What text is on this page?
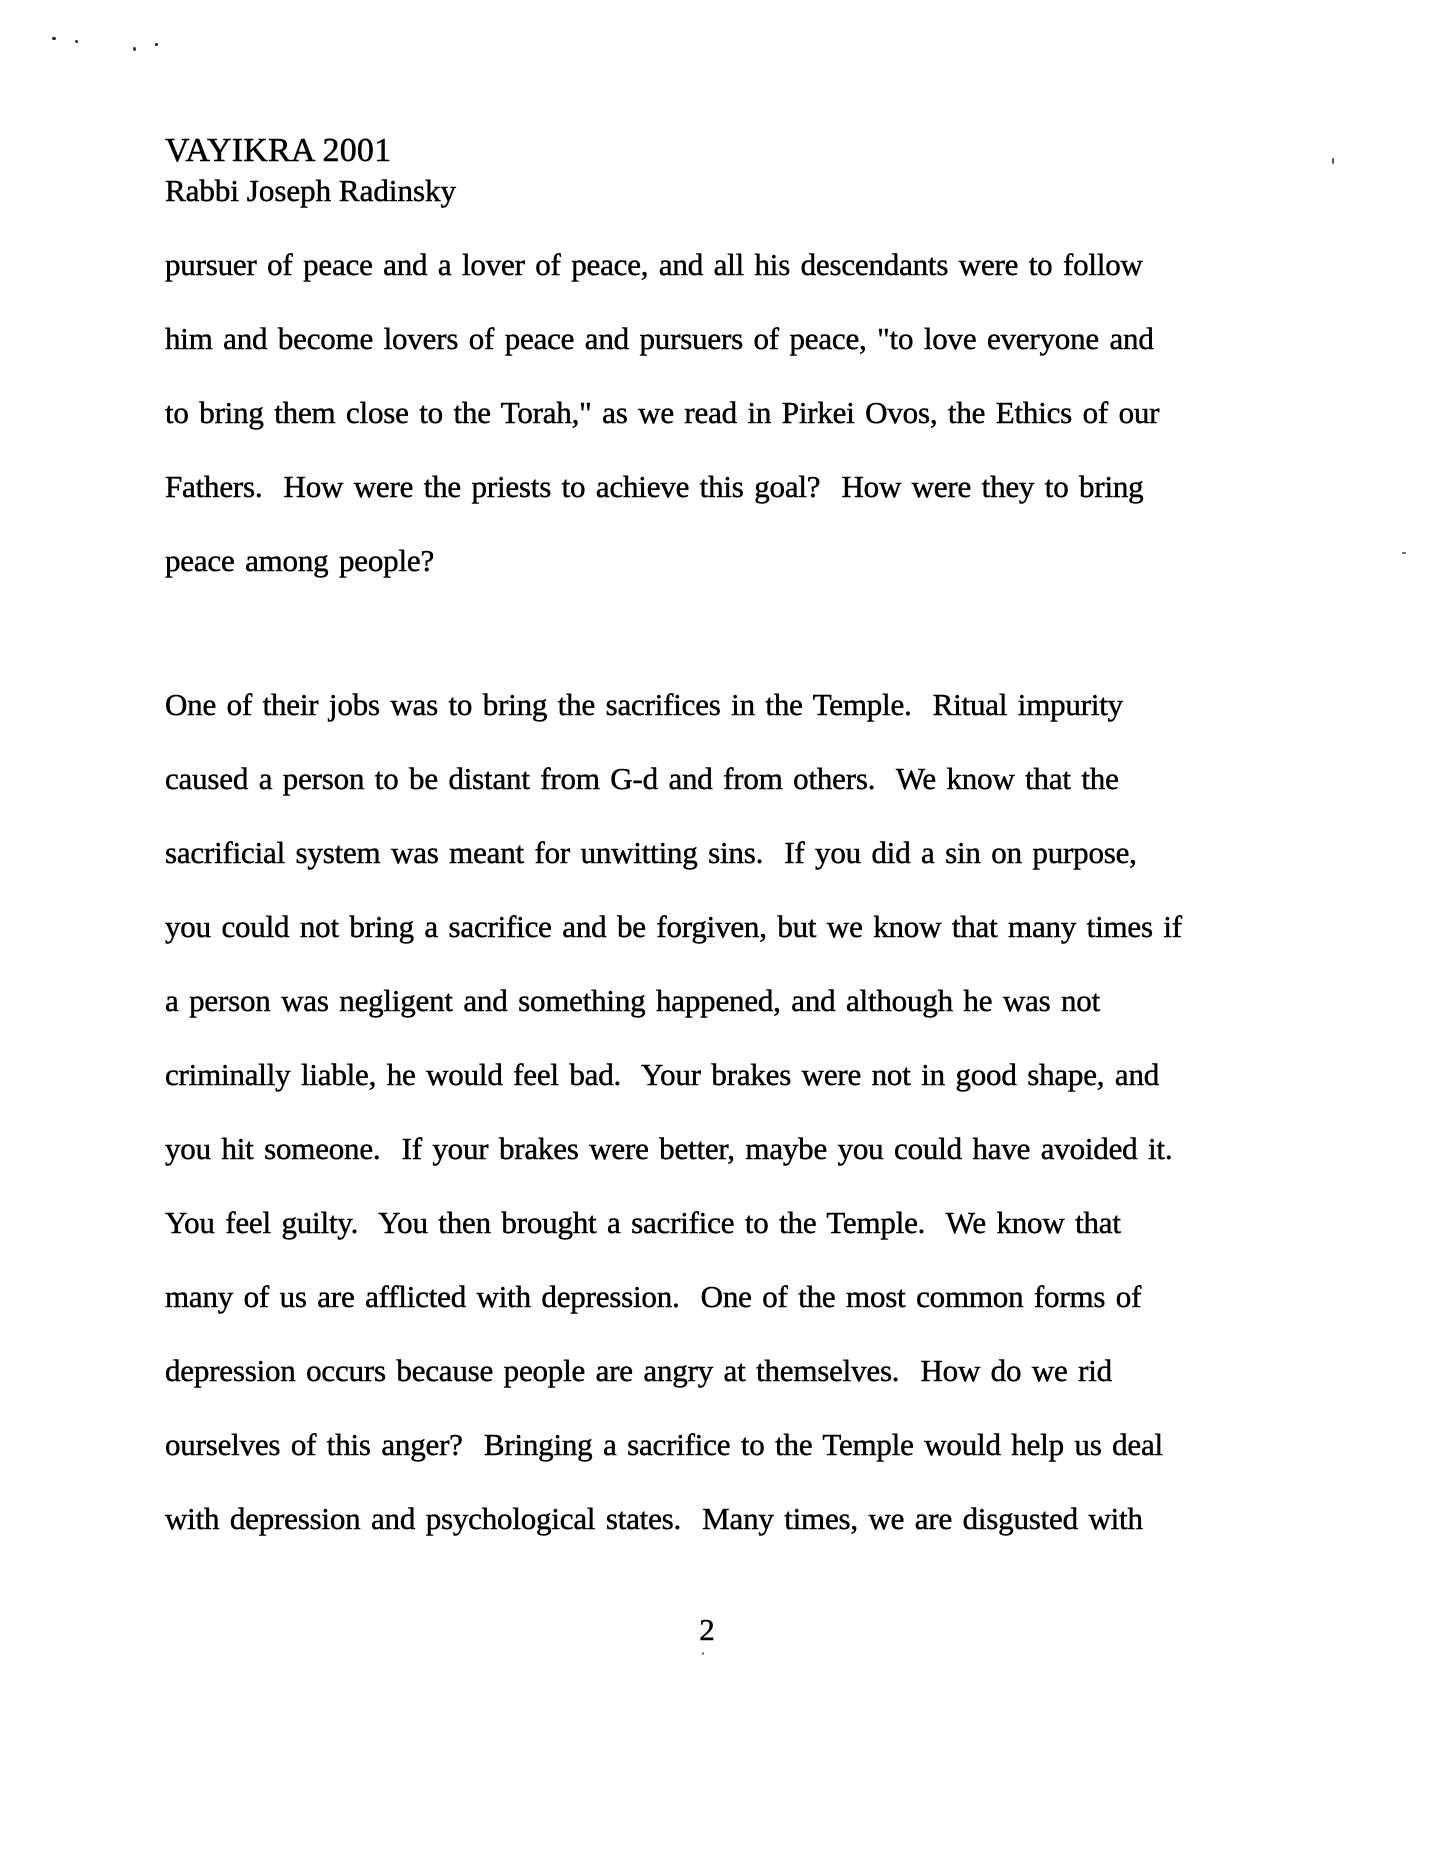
VAYIKRA 2001
Rabbi Joseph Radinsky
pursuer of peace and a lover of peace, and all his descendants were to follow
him and become lovers of peace and pursuers of peace, "to love everyone and
to bring them close to the Torah," as we read in Pirkei Ovos, the Ethics of our
Fathers.  How were the priests to achieve this goal?  How were they to bring
peace among people?
One of their jobs was to bring the sacrifices in the Temple.  Ritual impurity
caused a person to be distant from G-d and from others.  We know that the
sacrificial system was meant for unwitting sins.  If you did a sin on purpose,
you could not bring a sacrifice and be forgiven, but we know that many times if
a person was negligent and something happened, and although he was not
criminally liable, he would feel bad.  Your brakes were not in good shape, and
you hit someone.  If your brakes were better, maybe you could have avoided it.
You feel guilty.  You then brought a sacrifice to the Temple.  We know that
many of us are afflicted with depression.  One of the most common forms of
depression occurs because people are angry at themselves.  How do we rid
ourselves of this anger?  Bringing a sacrifice to the Temple would help us deal
with depression and psychological states.  Many times, we are disgusted with
2
